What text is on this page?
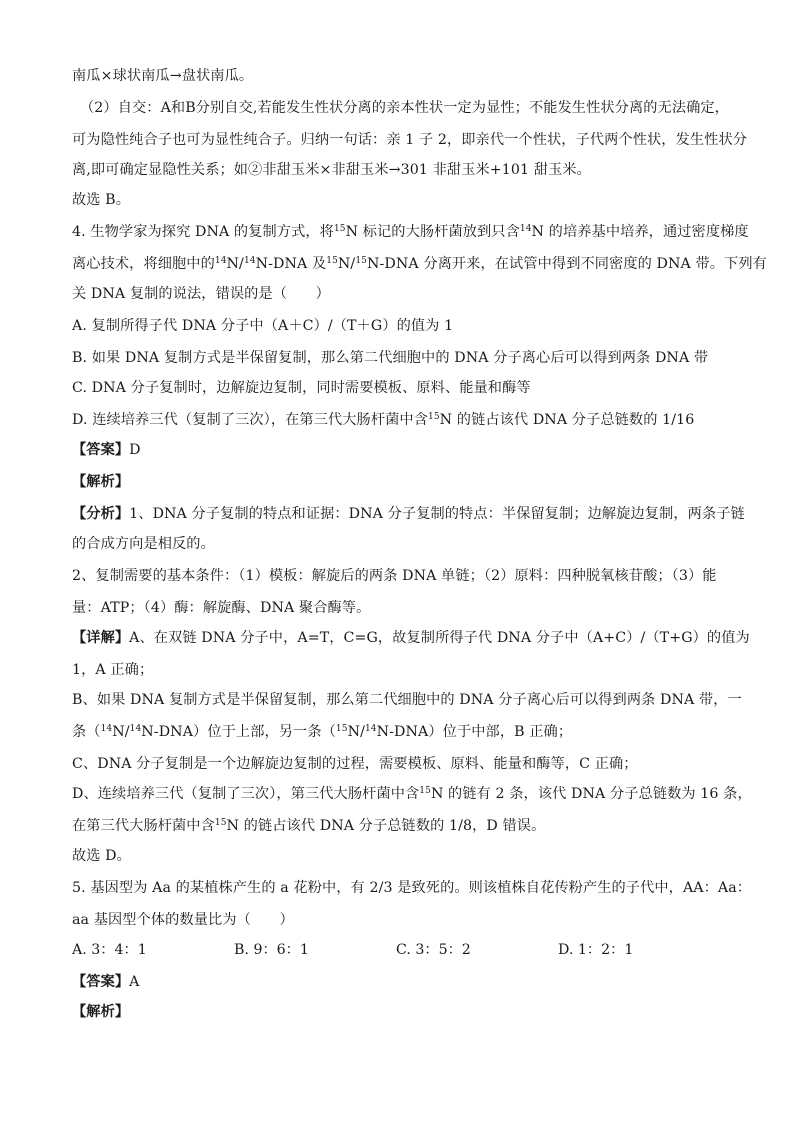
南瓜×球状南瓜→盘状南瓜。
（2）自交：A和B分别自交,若能发生性状分离的亲本性状一定为显性；不能发生性状分离的无法确定，
可为隐性纯合子也可为显性纯合子。归纳一句话：亲 1 子 2，即亲代一个性状，子代两个性状，发生性状分
离,即可确定显隐性关系；如②非甜玉米×非甜玉米→301 非甜玉米+101 甜玉米。
故选 B。
4. 生物学家为探究 DNA 的复制方式，将$^{15}$N 标记的大肠杆菌放到只含$^{14}$N 的培养基中培养，通过密度梯度
离心技术，将细胞中的$^{14}$N/$^{14}$N-DNA 及$^{15}$N/$^{15}$N-DNA 分离开来，在试管中得到不同密度的 DNA 带。下列有
关 DNA 复制的说法，错误的是（　　）
A. 复制所得子代 DNA 分子中（A＋C）/（T＋G）的值为 1
B. 如果 DNA 复制方式是半保留复制，那么第二代细胞中的 DNA 分子离心后可以得到两条 DNA 带
C. DNA 分子复制时，边解旋边复制，同时需要模板、原料、能量和酶等
D. 连续培养三代（复制了三次），在第三代大肠杆菌中含$^{15}$N 的链占该代 DNA 分子总链数的 1/16
【答案】D
【解析】
【分析】1、DNA 分子复制的特点和证据：DNA 分子复制的特点：半保留复制；边解旋边复制，两条子链
的合成方向是相反的。
2、复制需要的基本条件：（1）模板：解旋后的两条 DNA 单链；（2）原料：四种脱氧核苷酸；（3）能
量：ATP；（4）酶：解旋酶、DNA 聚合酶等。
【详解】A、在双链 DNA 分子中，A=T，C=G，故复制所得子代 DNA 分子中（A+C）/（T+G）的值为
1，A 正确；
B、如果 DNA 复制方式是半保留复制，那么第二代细胞中的 DNA 分子离心后可以得到两条 DNA 带，一
条（$^{14}$N/$^{14}$N-DNA）位于上部，另一条（$^{15}$N/$^{14}$N-DNA）位于中部，B 正确；
C、DNA 分子复制是一个边解旋边复制的过程，需要模板、原料、能量和酶等，C 正确；
D、连续培养三代（复制了三次），第三代大肠杆菌中含$^{15}$N 的链有 2 条，该代 DNA 分子总链数为 16 条，
在第三代大肠杆菌中含$^{15}$N 的链占该代 DNA 分子总链数的 1/8，D 错误。
故选 D。
5. 基因型为 Aa 的某植株产生的 a 花粉中，有 2/3 是致死的。则该植株自花传粉产生的子代中，AA：Aa：
aa 基因型个体的数量比为（　　）
A. 3：4：1	B. 9：6：1	C. 3：5：2	D. 1：2：1
【答案】A
【解析】
